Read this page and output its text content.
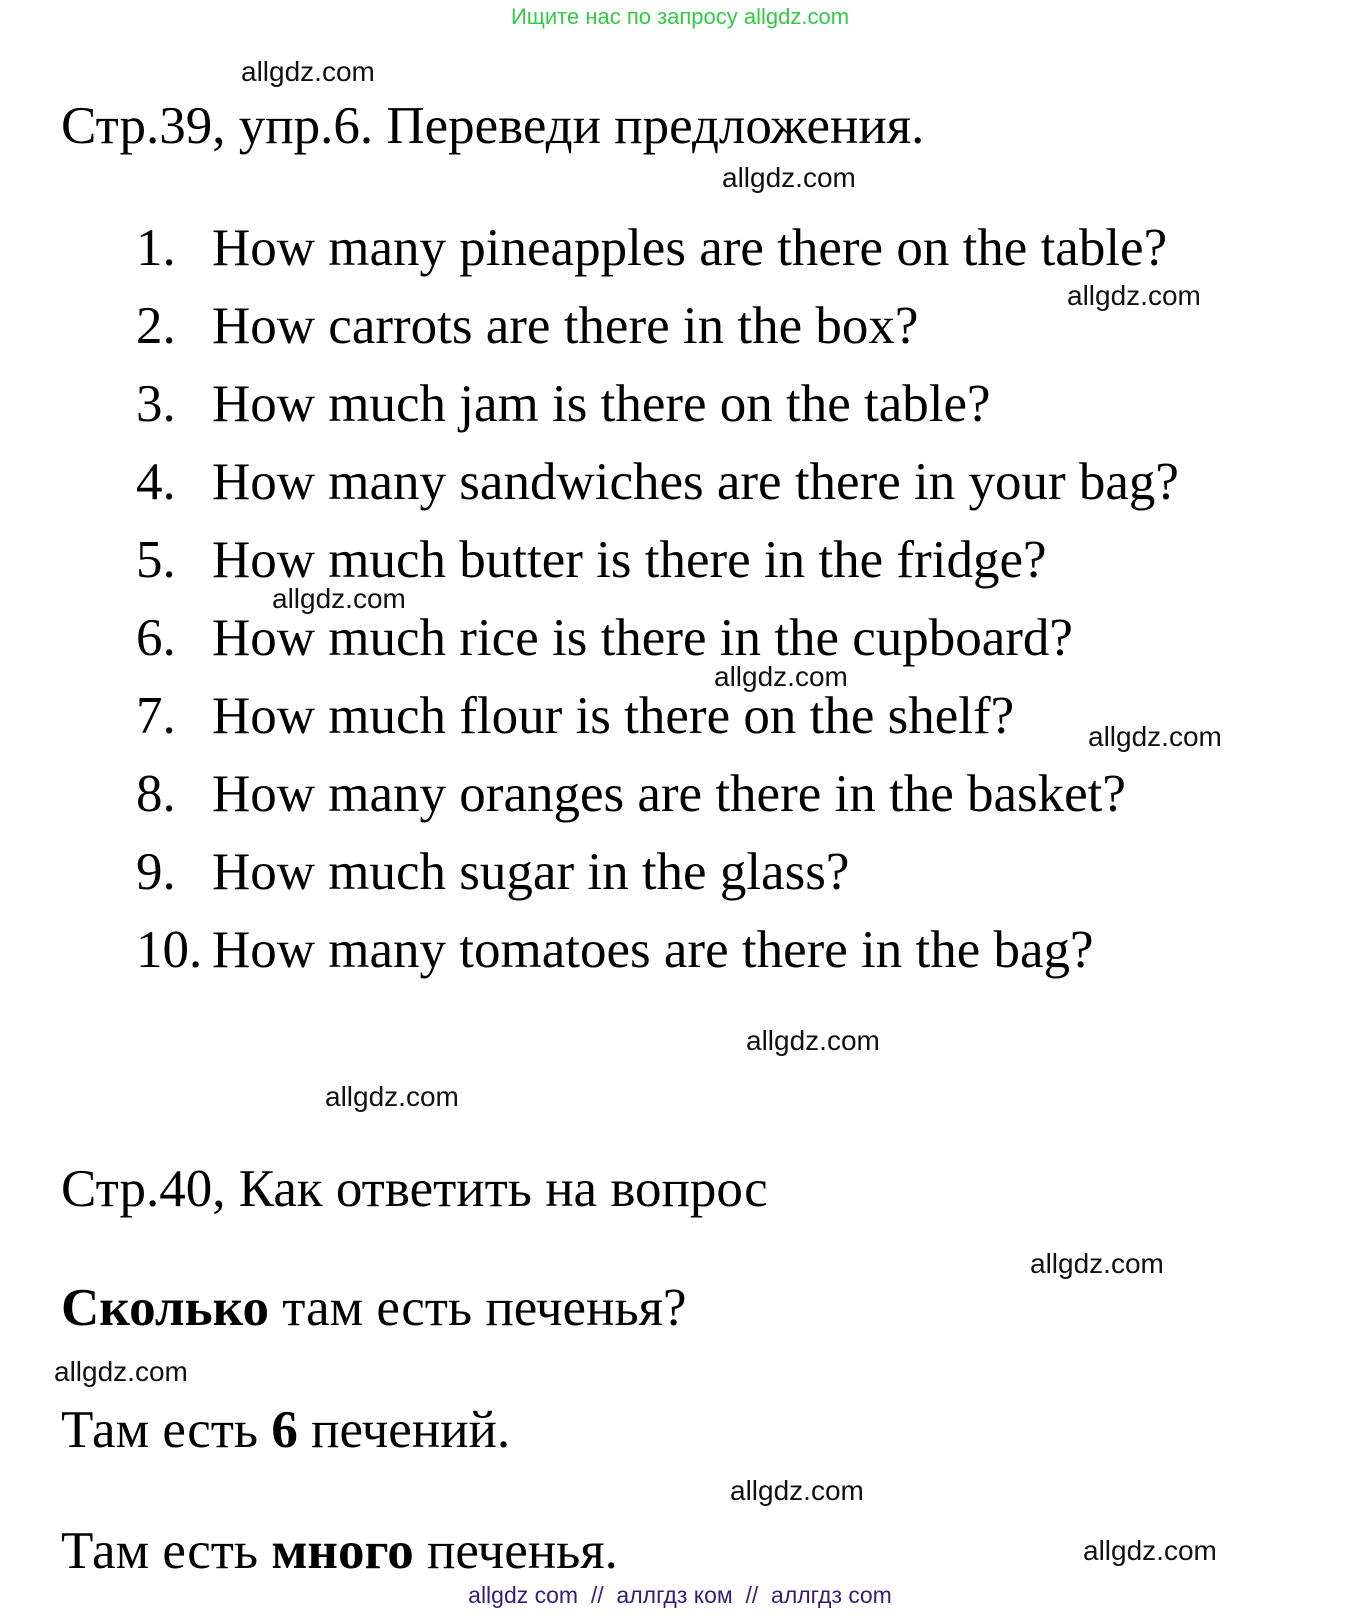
Ищите нас по запросу allgdz.com
allgdz.com
Стр.39, упр.6. Переведи предложения.
allgdz.com
1. How many pineapples are there on the table?
2. How carrots are there in the box?
3. How much jam is there on the table?
4. How many sandwiches are there in your bag?
5. How much butter is there in the fridge?
6. How much rice is there in the cupboard?
7. How much flour is there on the shelf?
8. How many oranges are there in the basket?
9. How much sugar in the glass?
10. How many tomatoes are there in the bag?
allgdz.com
allgdz.com
allgdz.com
allgdz.com
allgdz.com
allgdz.com
Стр.40, Как ответить на вопрос
allgdz.com
Сколько там есть печенья?
allgdz.com
Там есть 6 печений.
allgdz.com
Там есть много печенья.	allgdz.com
allgdz com  //  аллгдз ком  //  аллгдз com
